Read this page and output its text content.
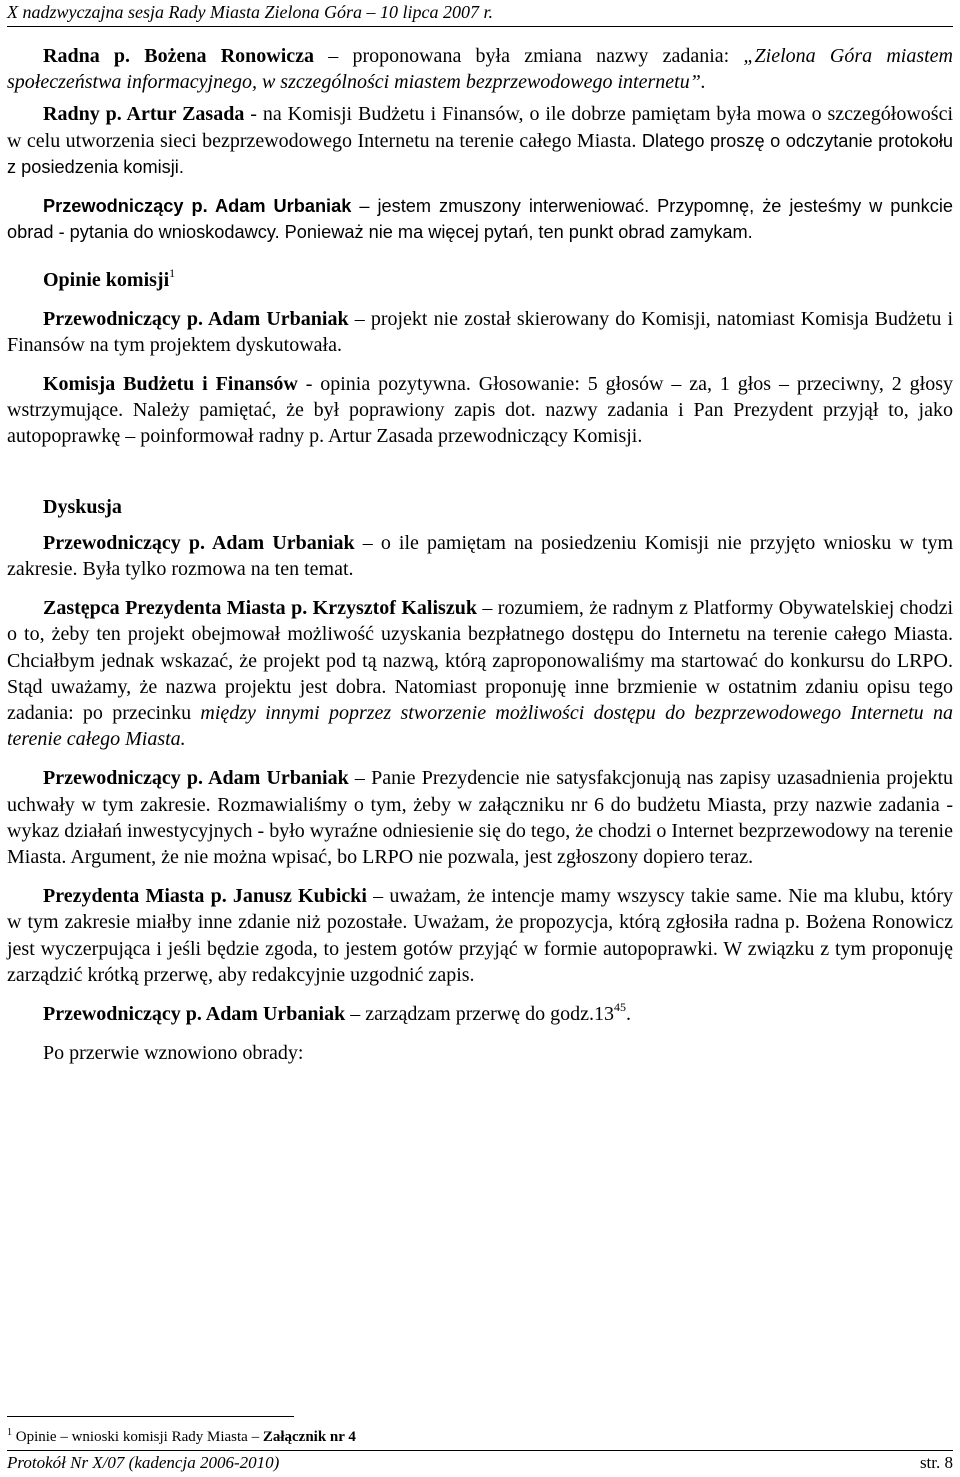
X nadzwyczajna sesja Rady Miasta Zielona Góra – 10 lipca 2007 r.

Radna p. Bożena Ronowicza – proponowana była zmiana nazwy zadania: „Zielona Góra miastem społeczeństwa informacyjnego, w szczególności miastem bezprzewodowego internetu”.

Radny p. Artur Zasada - na Komisji Budżetu i Finansów, o ile dobrze pamiętam była mowa o szczegółowości w celu utworzenia sieci bezprzewodowego Internetu na terenie całego Miasta. Dlatego proszę o odczytanie protokołu z posiedzenia komisji.

Przewodniczący p. Adam Urbaniak – jestem zmuszony interweniować. Przypomnę, że jesteśmy w punkcie obrad - pytania do wnioskodawcy. Ponieważ nie ma więcej pytań, ten punkt obrad zamykam.

Opinie komisji$^1$

Przewodniczący p. Adam Urbaniak – projekt nie został skierowany do Komisji, natomiast Komisja Budżetu i Finansów na tym projektem dyskutowała.

Komisja Budżetu i Finansów - opinia pozytywna. Głosowanie: 5 głosów – za, 1 głos – przeciwny, 2 głosy wstrzymujące. Należy pamiętać, że był poprawiony zapis dot. nazwy zadania i Pan Prezydent przyjął to, jako autopoprawkę – poinformował radny p. Artur Zasada przewodniczący Komisji.

Dyskusja

Przewodniczący p. Adam Urbaniak – o ile pamiętam na posiedzeniu Komisji nie przyjęto wniosku w tym zakresie. Była tylko rozmowa na ten temat.

Zastępca Prezydenta Miasta p. Krzysztof Kaliszuk – rozumiem, że radnym z Platformy Obywatelskiej chodzi o to, żeby ten projekt obejmował możliwość uzyskania bezpłatnego dostępu do Internetu na terenie całego Miasta. Chciałbym jednak wskazać, że projekt pod tą nazwą, którą zaproponowaliśmy ma startować do konkursu do LRPO. Stąd uważamy, że nazwa projektu jest dobra. Natomiast proponuję inne brzmienie w ostatnim zdaniu opisu tego zadania: po przecinku między innymi poprzez stworzenie możliwości dostępu do bezprzewodowego Internetu na terenie całego Miasta.

Przewodniczący p. Adam Urbaniak – Panie Prezydencie nie satysfakcjonują nas zapisy uzasadnienia projektu uchwały w tym zakresie. Rozmawialiśmy o tym, żeby w załączniku nr 6 do budżetu Miasta, przy nazwie zadania - wykaz działań inwestycyjnych - było wyraźne odniesienie się do tego, że chodzi o Internet bezprzewodowy na terenie Miasta. Argument, że nie można wpisać, bo LRPO nie pozwala, jest zgłoszony dopiero teraz.

Prezydenta Miasta p. Janusz Kubicki – uważam, że intencje mamy wszyscy takie same. Nie ma klubu, który w tym zakresie miałby inne zdanie niż pozostałe. Uważam, że propozycja, którą zgłosiła radna p. Bożena Ronowicz jest wyczerpująca i jeśli będzie zgoda, to jestem gotów przyjąć w formie autopoprawki. W związku z tym proponuję zarządzić krótką przerwę, aby redakcyjnie uzgodnić zapis.

Przewodniczący p. Adam Urbaniak – zarządzam przerwę do $godz.13^{45}$.

Po przerwie wznowiono obrady:

$^1$ Opinie – wnioski komisji Rady Miasta – Załącznik nr 4
Protokół Nr X/07 (kadencja 2006-2010)	str. 8
